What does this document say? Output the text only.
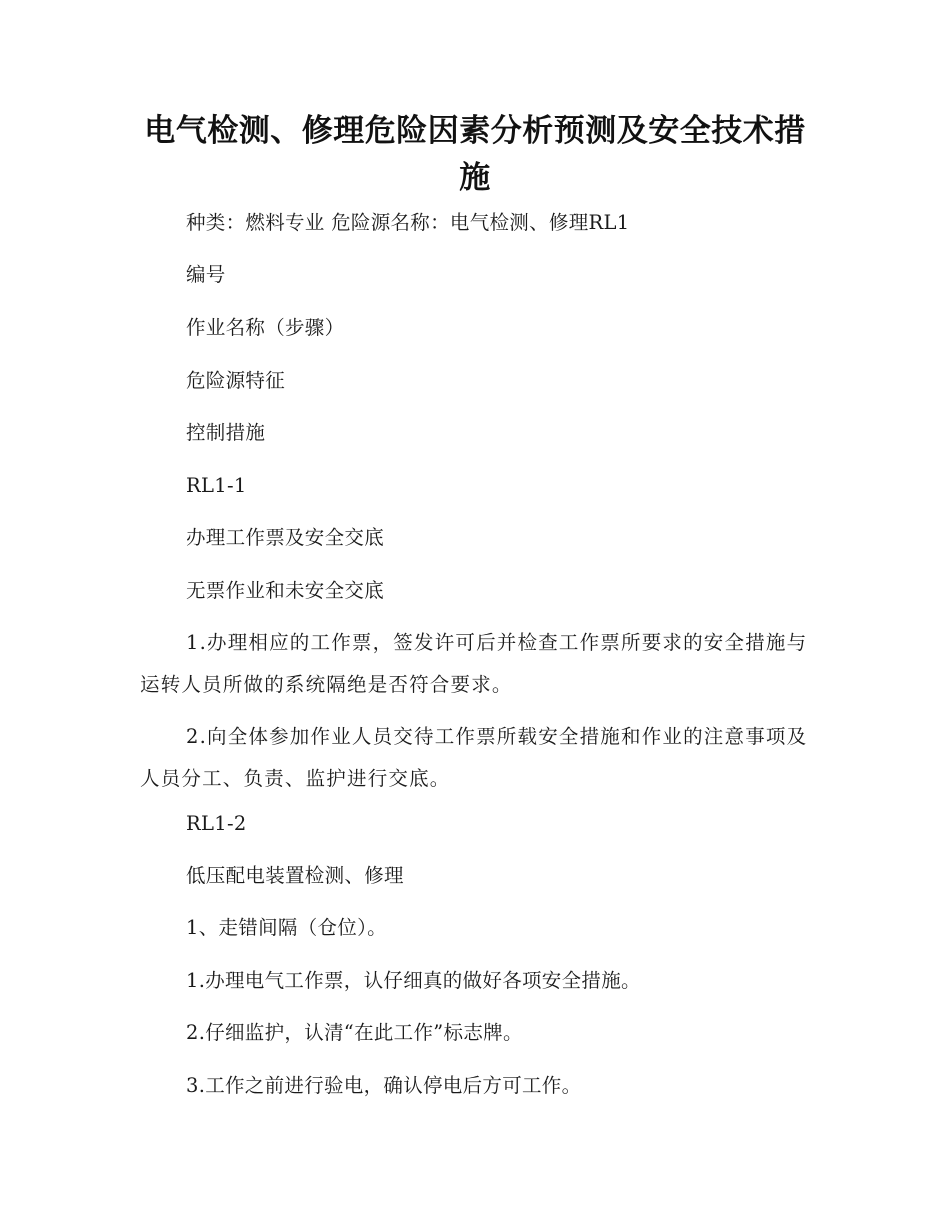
电气检测、修理危险因素分析预测及安全技术措施
种类：燃料专业 危险源名称：电气检测、修理RL1
编号
作业名称（步骤）
危险源特征
控制措施
RL1-1
办理工作票及安全交底
无票作业和未安全交底
1.办理相应的工作票，签发许可后并检查工作票所要求的安全措施与运转人员所做的系统隔绝是否符合要求。
2.向全体参加作业人员交待工作票所载安全措施和作业的注意事项及人员分工、负责、监护进行交底。
RL1-2
低压配电装置检测、修理
1、走错间隔（仓位）。
1.办理电气工作票，认仔细真的做好各项安全措施。
2.仔细监护，认清“在此工作”标志牌。
3.工作之前进行验电，确认停电后方可工作。
